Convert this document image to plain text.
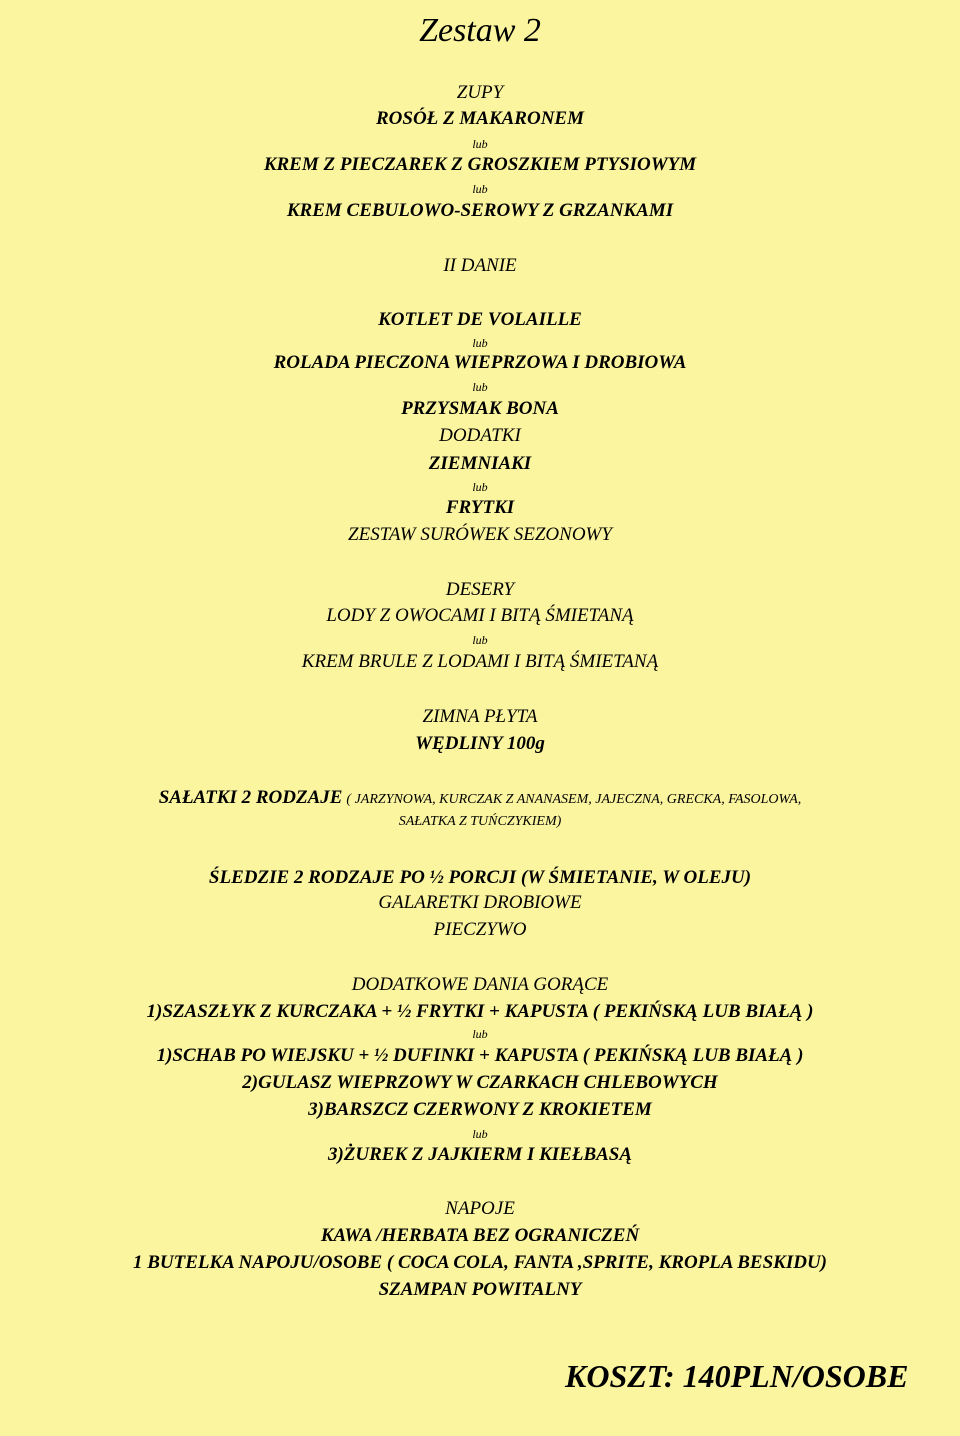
Zestaw 2
ZUPY
ROSÓŁ Z MAKARONEM
lub
KREM Z PIECZAREK Z GROSZKIEM PTYSIOWYM
lub
KREM CEBULOWO-SEROWY Z GRZANKAMI
II DANIE
KOTLET DE VOLAILLE
lub
ROLADA PIECZONA WIEPRZOWA I DROBIOWA
lub
PRZYSMAK BONA
DODATKI
ZIEMNIAKI
lub
FRYTKI
ZESTAW SURÓWEK SEZONOWY
DESERY
LODY Z OWOCAMI I BITĄ ŚMIETANĄ
lub
KREM BRULE Z LODAMI I BITĄ ŚMIETANĄ
ZIMNA PŁYTA
WĘDLINY 100g
SAŁATKI 2 RODZAJE ( JARZYNOWA, KURCZAK Z ANANASEM, JAJECZNA, GRECKA, FASOLOWA,
SAŁATKA Z TUŃCZYKIEM)
ŚLEDZIE 2 RODZAJE PO ½ PORCJI (W ŚMIETANIE, W OLEJU)
GALARETKI DROBIOWE
PIECZYWO
DODATKOWE DANIA GORĄCE
1)SZASZŁYK Z KURCZAKA + ½ FRYTKI + KAPUSTA ( PEKIŃSKĄ LUB BIAŁĄ )
lub
1)SCHAB PO WIEJSKU + ½ DUFINKI + KAPUSTA ( PEKIŃSKĄ LUB BIAŁĄ )
2)GULASZ WIEPRZOWY W CZARKACH CHLEBOWYCH
3)BARSZCZ CZERWONY Z KROKIETEM
lub
3)ŻUREK Z JAJKIERM I KIEŁBASĄ
NAPOJE
KAWA /HERBATA BEZ OGRANICZEŃ
1 BUTELKA NAPOJU/OSOBE ( COCA COLA, FANTA ,SPRITE, KROPLA BESKIDU)
SZAMPAN POWITALNY
KOSZT: 140PLN/OSOBE
